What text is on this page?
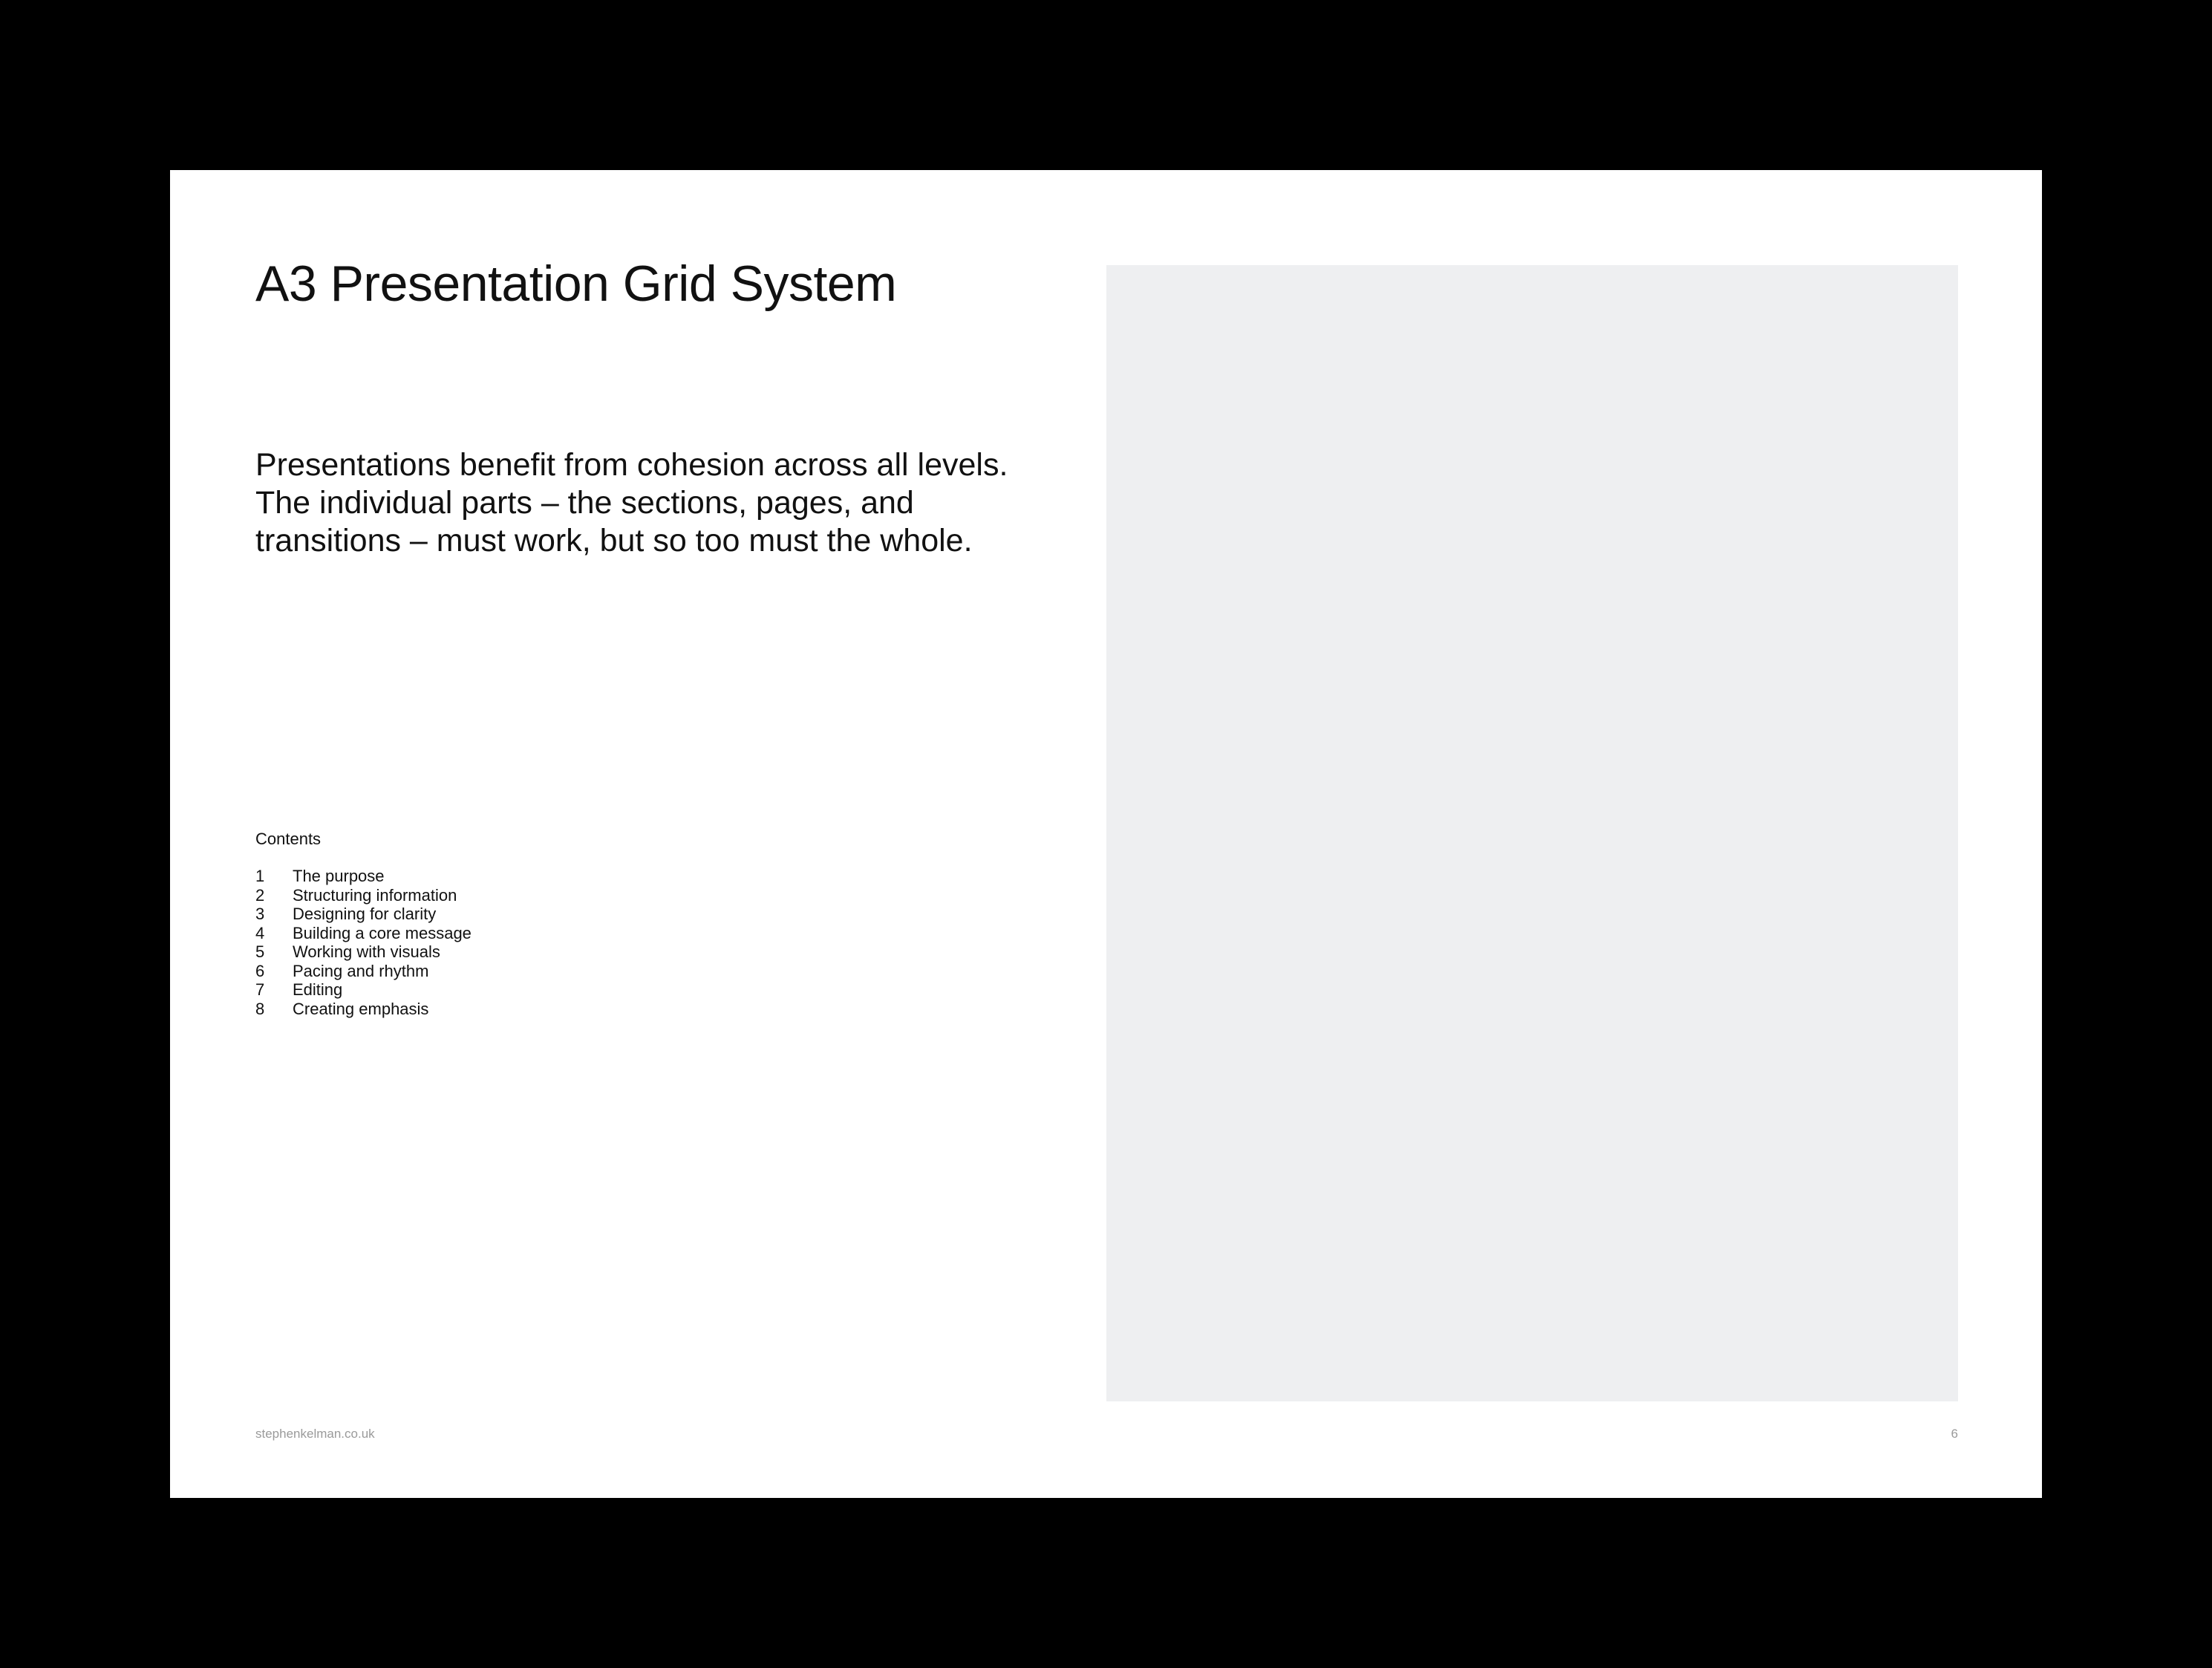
A3 Presentation Grid System

Presentations benefit from cohesion across all levels.
The individual parts – the sections, pages, and
transitions – must work, but so too must the whole.

Contents
1	The purpose
2	Structuring information
3	Designing for clarity
4	Building a core message
5	Working with visuals
6	Pacing and rhythm
7	Editing
8	Creating emphasis
stephenkelman.co.uk	6
